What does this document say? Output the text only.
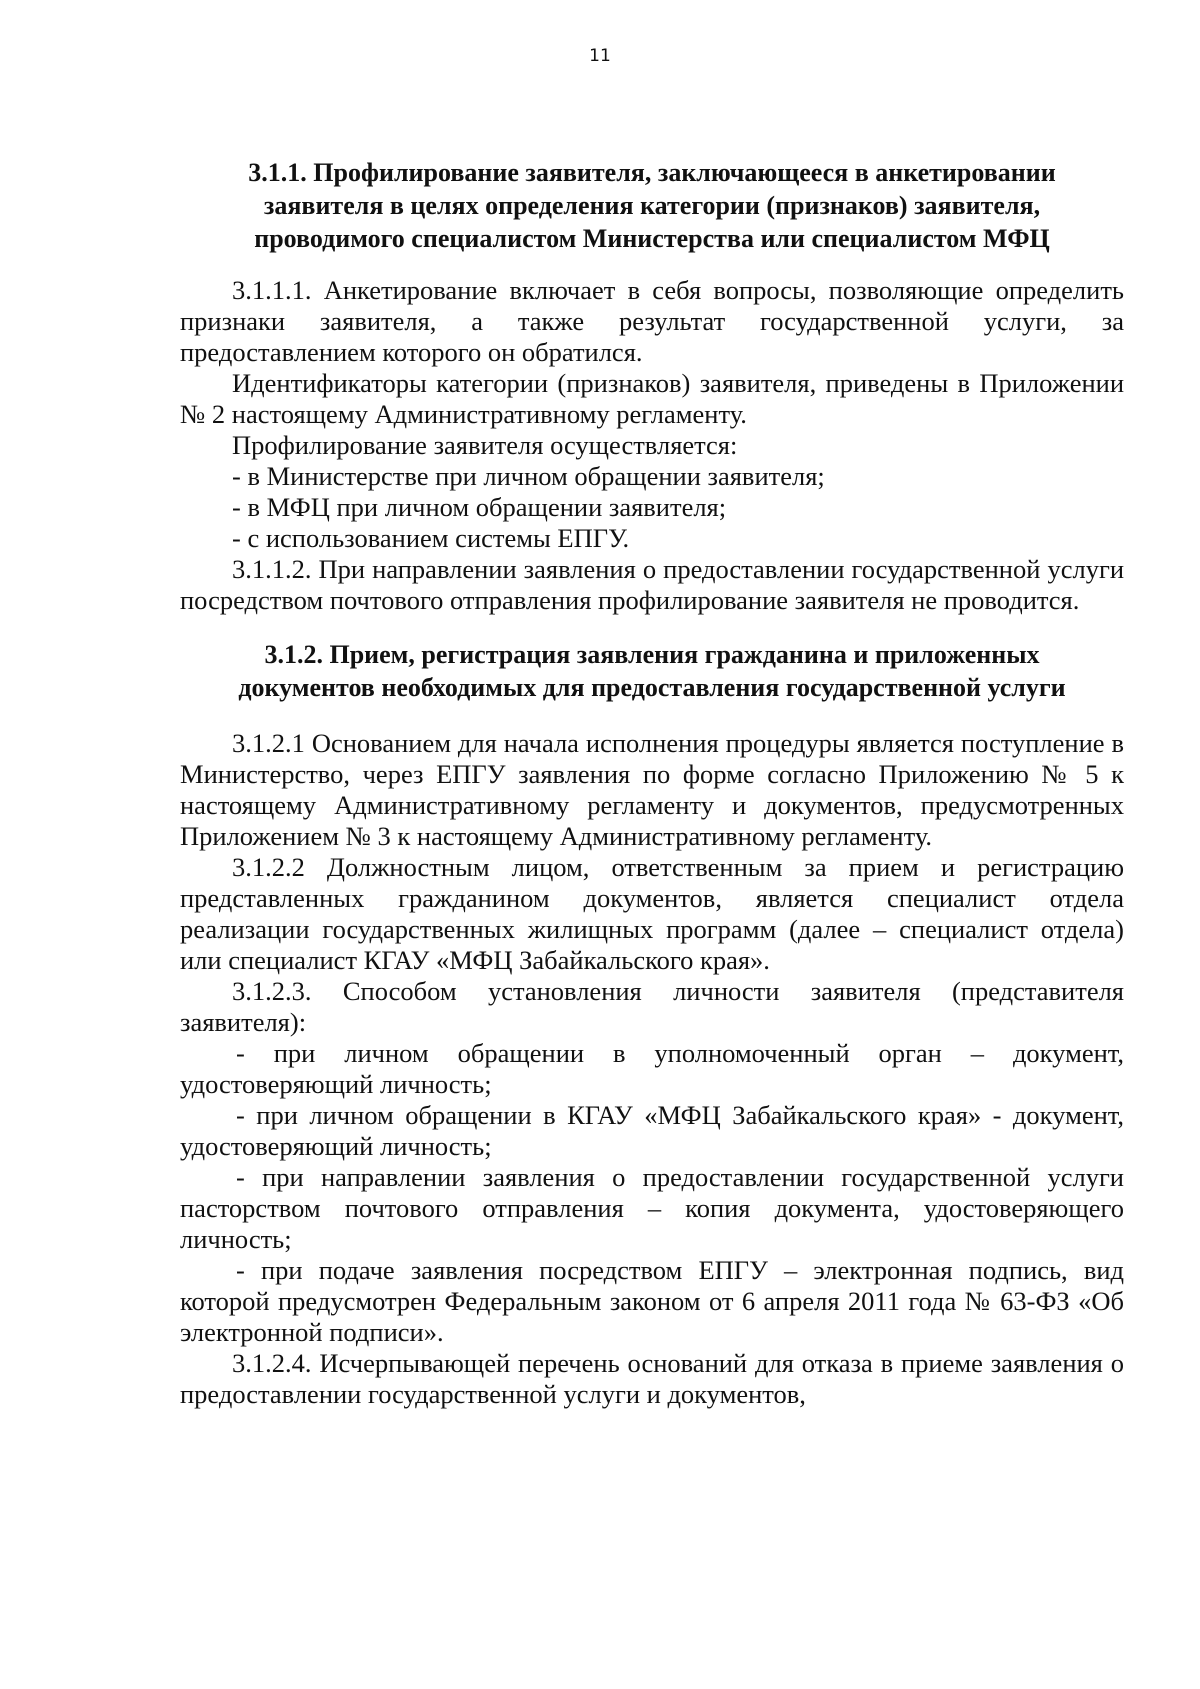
11
3.1.1. Профилирование заявителя, заключающееся в анкетировании
заявителя в целях определения категории (признаков) заявителя,
проводимого специалистом Министерства или специалистом МФЦ

3.1.1.1. Анкетирование включает в себя вопросы, позволяющие определить признаки заявителя, а также результат государственной услуги, за предоставлением которого он обратился.

Идентификаторы категории (признаков) заявителя, приведены в Приложении № 2 настоящему Административному регламенту.

Профилирование заявителя осуществляется:

- в Министерстве при личном обращении заявителя;

- в МФЦ при личном обращении заявителя;

- с использованием системы ЕПГУ.

3.1.1.2. При направлении заявления о предоставлении государственной услуги посредством почтового отправления профилирование заявителя не проводится.

3.1.2. Прием, регистрация заявления гражданина и приложенных
документов необходимых для предоставления государственной услуги

3.1.2.1 Основанием для начала исполнения процедуры является поступление в Министерство, через ЕПГУ заявления по форме согласно Приложению № 5 к настоящему Административному регламенту и документов, предусмотренных Приложением № 3 к настоящему Административному регламенту.

3.1.2.2 Должностным лицом, ответственным за прием и регистрацию представленных гражданином документов, является специалист отдела реализации государственных жилищных программ (далее – специалист отдела) или специалист КГАУ «МФЦ Забайкальского края».

3.1.2.3. Способом установления личности заявителя (представителя заявителя):

- при личном обращении в уполномоченный орган – документ, удостоверяющий личность;

- при личном обращении в КГАУ «МФЦ Забайкальского края» - документ, удостоверяющий личность;

- при направлении заявления о предоставлении государственной услуги пасторством почтового отправления – копия документа, удостоверяющего личность;

- при подаче заявления посредством ЕПГУ – электронная подпись, вид которой предусмотрен Федеральным законом от 6 апреля 2011 года № 63-ФЗ «Об электронной подписи».

3.1.2.4. Исчерпывающей перечень оснований для отказа в приеме заявления о предоставлении государственной услуги и документов,
